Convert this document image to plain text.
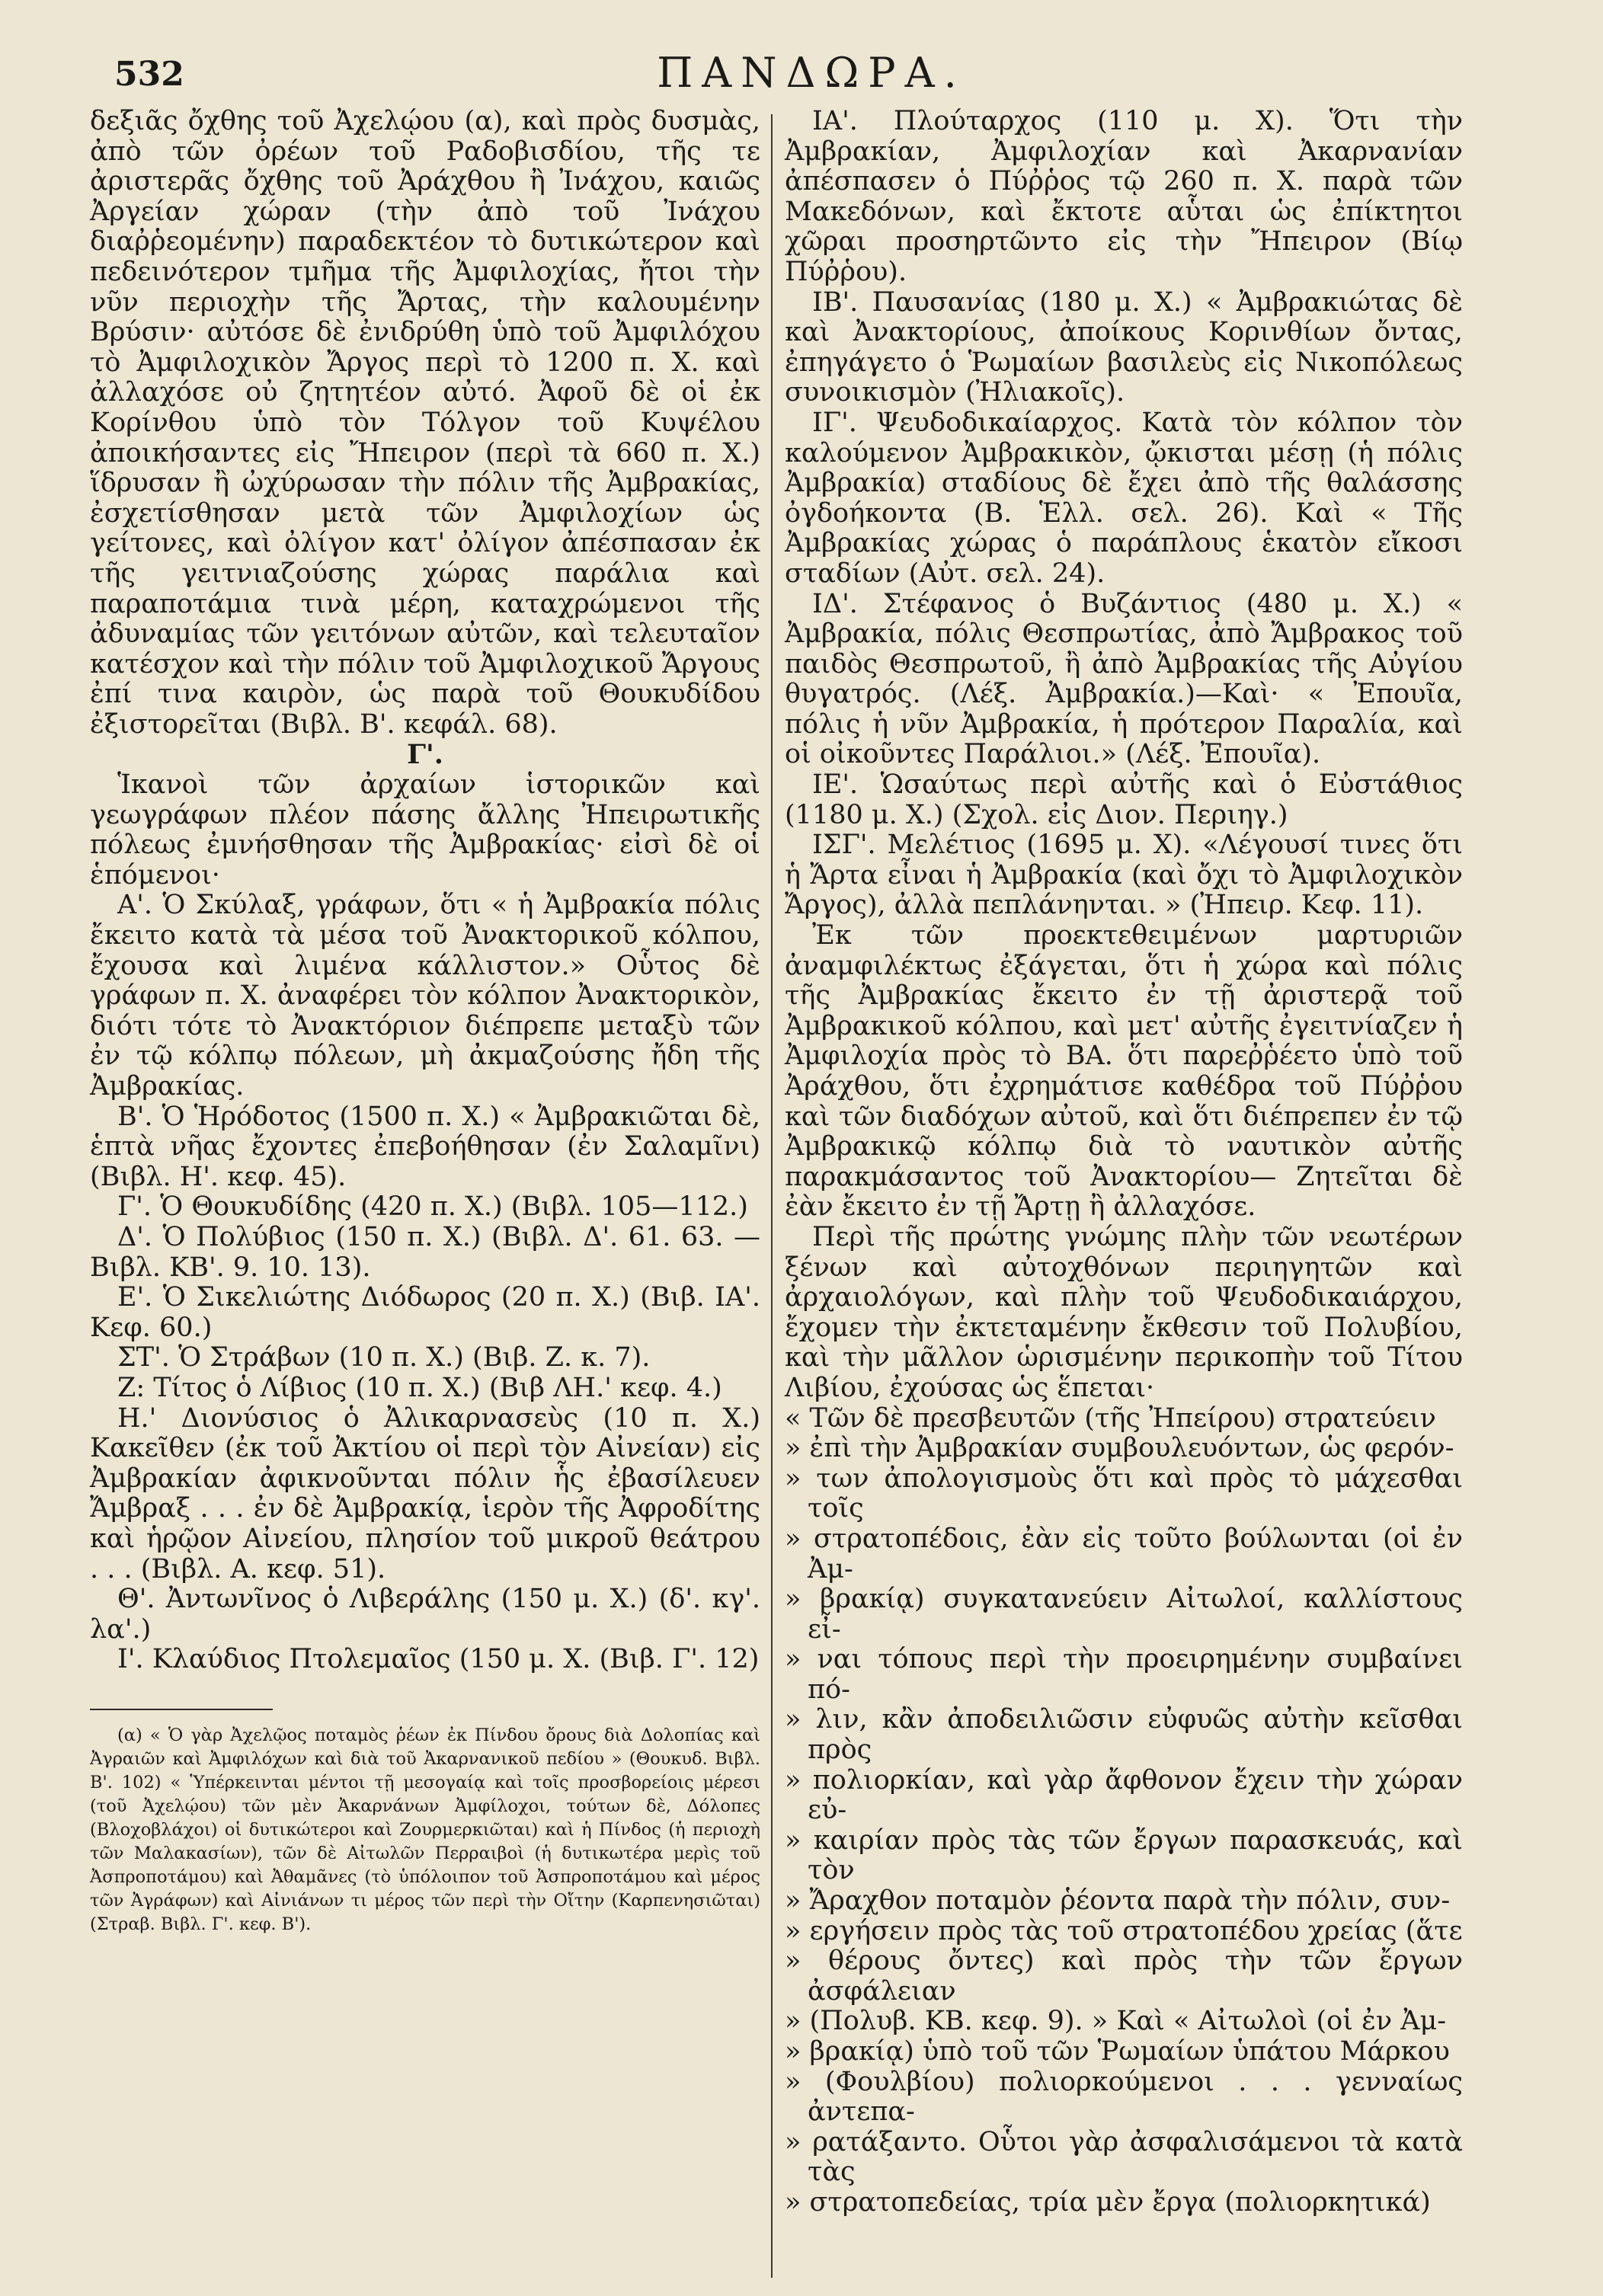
532	ΠΑΝΔΩΡΑ.

δεξιᾶς ὄχθης τοῦ Ἀχελῴου (α), καὶ πρὸς δυσμὰς, ἀπὸ τῶν ὀρέων τοῦ Ραδοβισδίου, τῆς τε ἀριστερᾶς ὄχθης τοῦ Ἀράχθου ἢ Ἰνάχου, καιῶς Ἀργείαν χώραν (τὴν ἀπὸ τοῦ Ἰνάχου διαῤῥεομένην) παραδεκτέον τὸ δυτικώτερον καὶ πεδεινότερον τμῆμα τῆς Ἀμφιλοχίας, ἤτοι τὴν νῦν περιοχὴν τῆς Ἄρτας, τὴν καλουμένην Βρύσιν· αὐτόσε δὲ ἐνιδρύθη ὑπὸ τοῦ Ἀμφιλόχου τὸ Ἀμφιλοχικὸν Ἄργος περὶ τὸ 1200 π. Χ. καὶ ἀλλαχόσε οὐ ζητητέον αὐτό. Ἀφοῦ δὲ οἱ ἐκ Κορίνθου ὑπὸ τὸν Τόλγον τοῦ Κυψέλου ἀποικήσαντες εἰς Ἤπειρον (περὶ τὰ 660 π. Χ.) ἵδρυσαν ἢ ὠχύρωσαν τὴν πόλιν τῆς Ἀμβρακίας, ἐσχετίσθησαν μετὰ τῶν Ἀμφιλοχίων ὡς γείτονες, καὶ ὀλίγον κατ' ὀλίγον ἀπέσπασαν ἐκ τῆς γειτνιαζούσης χώρας παράλια καὶ παραποτάμια τινὰ μέρη, καταχρώμενοι τῆς ἀδυναμίας τῶν γειτόνων αὐτῶν, καὶ τελευταῖον κατέσχον καὶ τὴν πόλιν τοῦ Ἀμφιλοχικοῦ Ἄργους ἐπί τινα καιρὸν, ὡς παρὰ τοῦ Θουκυδίδου ἐξιστορεῖται (Βιβλ. Β'. κεφάλ. 68).

Γ'.

Ἱκανοὶ τῶν ἀρχαίων ἱστορικῶν καὶ γεωγράφων πλέον πάσης ἄλλης Ἠπειρωτικῆς πόλεως ἐμνήσθησαν τῆς Ἀμβρακίας· εἰσὶ δὲ οἱ ἑπόμενοι·

Α'. Ὁ Σκύλαξ, γράφων, ὅτι « ἡ Ἀμβρακία πόλις ἔκειτο κατὰ τὰ μέσα τοῦ Ἀνακτορικοῦ κόλπου, ἔχουσα καὶ λιμένα κάλλιστον.» Οὗτος δὲ γράφων π. Χ. ἀναφέρει τὸν κόλπον Ἀνακτορικὸν, διότι τότε τὸ Ἀνακτόριον διέπρεπε μεταξὺ τῶν ἐν τῷ κόλπῳ πόλεων, μὴ ἀκμαζούσης ἤδη τῆς Ἀμβρακίας.

Β'. Ὁ Ἡρόδοτος (1500 π. Χ.) « Ἀμβρακιῶται δὲ, ἑπτὰ νῆας ἔχοντες ἐπεβοήθησαν (ἐν Σαλαμῖνι) (Βιβλ. Η'. κεφ. 45).

Γ'. Ὁ Θουκυδίδης (420 π. Χ.) (Βιβλ. 105—112.)

Δ'. Ὁ Πολύβιος (150 π. Χ.) (Βιβλ. Δ'. 61. 63. — Βιβλ. ΚΒ'. 9. 10. 13).

Ε'. Ὁ Σικελιώτης Διόδωρος (20 π. Χ.) (Βιβ. ΙΑ'. Κεφ. 60.)

ΣΤ'. Ὁ Στράβων (10 π. Χ.) (Βιβ. Ζ. κ. 7).

Ζ: Τίτος ὁ Λίβιος (10 π. Χ.) (Βιβ ΛΗ.' κεφ. 4.)

Η.' Διονύσιος ὁ Ἀλικαρνασεὺς (10 π. Χ.) Κακεῖθεν (ἐκ τοῦ Ἀκτίου οἱ περὶ τὸν Αἰνείαν) εἰς Ἀμβρακίαν ἀφικνοῦνται πόλιν ἧς ἐβασίλευεν Ἄμβραξ . . . ἐν δὲ Ἀμβρακίᾳ, ἱερὸν τῆς Ἀφροδίτης καὶ ἡρῷον Αἰνείου, πλησίον τοῦ μικροῦ θεάτρου . . . (Βιβλ. Α. κεφ. 51).

Θ'. Ἀντωνῖνος ὁ Λιβεράλης (150 μ. Χ.) (δ'. κγ'. λα'.)

Ι'. Κλαύδιος Πτολεμαῖος (150 μ. Χ. (Βιβ. Γ'. 12)

(α) « Ὁ γὰρ Ἀχελῷος ποταμὸς ῥέων ἐκ Πίνδου ὄρους διὰ Δολοπίας καὶ Ἀγραιῶν καὶ Ἀμφιλόχων καὶ διὰ τοῦ Ἀκαρνανικοῦ πεδίου » (Θουκυδ. Βιβλ. Β'. 102) « Ὑπέρκεινται μέντοι τῇ μεσογαίᾳ καὶ τοῖς προσβορείοις μέρεσι (τοῦ Ἀχελῴου) τῶν μὲν Ἀκαρνάνων Ἀμφίλοχοι, τούτων δὲ, Δόλοπες (Βλοχοβλάχοι) οἱ δυτικώτεροι καὶ Ζουρμερκιῶται) καὶ ἡ Πίνδος (ἡ περιοχὴ τῶν Μαλακασίων), τῶν δὲ Αἰτωλῶν Περραιβοὶ (ἡ δυτικωτέρα μερὶς τοῦ Ἀσπροποτάμου) καὶ Ἀθαμᾶνες (τὸ ὑπόλοιπον τοῦ Ἀσπροποτάμου καὶ μέρος τῶν Ἀγράφων) καὶ Αἰνιάνων τι μέρος τῶν περὶ τὴν Οἴτην (Καρπενησιῶται) (Στραβ. Βιβλ. Γ'. κεφ. Β').

ΙΑ'. Πλούταρχος (110 μ. Χ). Ὅτι τὴν Ἀμβρακίαν, Ἀμφιλοχίαν καὶ Ἀκαρνανίαν ἀπέσπασεν ὁ Πύῤῥος τῷ 260 π. Χ. παρὰ τῶν Μακεδόνων, καὶ ἔκτοτε αὗται ὡς ἐπίκτητοι χῶραι προσηρτῶντο εἰς τὴν Ἤπειρον (Βίῳ Πύῤῥου).

ΙΒ'. Παυσανίας (180 μ. Χ.) « Ἀμβρακιώτας δὲ καὶ Ἀνακτορίους, ἀποίκους Κορινθίων ὄντας, ἐπηγάγετο ὁ Ῥωμαίων βασιλεὺς εἰς Νικοπόλεως συνοικισμὸν (Ἠλιακοῖς).

ΙΓ'. Ψευδοδικαίαρχος. Κατὰ τὸν κόλπον τὸν καλούμενον Ἀμβρακικὸν, ᾤκισται μέσῃ (ἡ πόλις Ἀμβρακία) σταδίους δὲ ἔχει ἀπὸ τῆς θαλάσσης ὀγδοήκοντα (Β. Ἑλλ. σελ. 26). Καὶ « Τῆς Ἀμβρακίας χώρας ὁ παράπλους ἑκατὸν εἴκοσι σταδίων (Αὐτ. σελ. 24).

ΙΔ'. Στέφανος ὁ Βυζάντιος (480 μ. Χ.) « Ἀμβρακία, πόλις Θεσπρωτίας, ἀπὸ Ἄμβρακος τοῦ παιδὸς Θεσπρωτοῦ, ἢ ἀπὸ Ἀμβρακίας τῆς Αὐγίου θυγατρός. (Λέξ. Ἀμβρακία.)—Καὶ· « Ἐπουῖα, πόλις ἡ νῦν Ἀμβρακία, ἡ πρότερον Παραλία, καὶ οἱ οἰκοῦντες Παράλιοι.» (Λέξ. Ἐπουῖα).

ΙΕ'. Ὡσαύτως περὶ αὐτῆς καὶ ὁ Εὐστάθιος (1180 μ. Χ.) (Σχολ. εἰς Διον. Περιηγ.)

ΙΣΓ'. Μελέτιος (1695 μ. Χ). «Λέγουσί τινες ὅτι ἡ Ἄρτα εἶναι ἡ Ἀμβρακία (καὶ ὄχι τὸ Ἀμφιλοχικὸν Ἄργος), ἀλλὰ πεπλάνηνται. » (Ἠπειρ. Κεφ. 11).

Ἐκ τῶν προεκτεθειμένων μαρτυριῶν ἀναμφιλέκτως ἐξάγεται, ὅτι ἡ χώρα καὶ πόλις τῆς Ἀμβρακίας ἔκειτο ἐν τῇ ἀριστερᾷ τοῦ Ἀμβρακικοῦ κόλπου, καὶ μετ' αὐτῆς ἐγειτνίαζεν ἡ Ἀμφιλοχία πρὸς τὸ ΒΑ. ὅτι παρεῤῥέετο ὑπὸ τοῦ Ἀράχθου, ὅτι ἐχρημάτισε καθέδρα τοῦ Πύῤῥου καὶ τῶν διαδόχων αὐτοῦ, καὶ ὅτι διέπρεπεν ἐν τῷ Ἀμβρακικῷ κόλπῳ διὰ τὸ ναυτικὸν αὐτῆς παρακμάσαντος τοῦ Ἀνακτορίου— Ζητεῖται δὲ ἐὰν ἔκειτο ἐν τῇ Ἄρτῃ ἢ ἀλλαχόσε.

Περὶ τῆς πρώτης γνώμης πλὴν τῶν νεωτέρων ξένων καὶ αὐτοχθόνων περιηγητῶν καὶ ἀρχαιολόγων, καὶ πλὴν τοῦ Ψευδοδικαιάρχου, ἔχομεν τὴν ἐκτεταμένην ἔκθεσιν τοῦ Πολυβίου, καὶ τὴν μᾶλλον ὡρισμένην περικοπὴν τοῦ Τίτου Λιβίου, ἐχούσας ὡς ἕπεται·

« Τῶν δὲ πρεσβευτῶν (τῆς Ἠπείρου) στρατεύειν

» ἐπὶ τὴν Ἀμβρακίαν συμβουλευόντων, ὡς φερόν-

» των ἀπολογισμοὺς ὅτι καὶ πρὸς τὸ μάχεσθαι τοῖς

» στρατοπέδοις, ἐὰν εἰς τοῦτο βούλωνται (οἱ ἐν Ἀμ-

» βρακίᾳ) συγκατανεύειν Αἰτωλοί, καλλίστους εἶ-

» ναι τόπους περὶ τὴν προειρημένην συμβαίνει πό-

» λιν, κἂν ἀποδειλιῶσιν εὐφυῶς αὐτὴν κεῖσθαι πρὸς

» πολιορκίαν, καὶ γὰρ ἄφθονον ἔχειν τὴν χώραν εὐ-

» καιρίαν πρὸς τὰς τῶν ἔργων παρασκευάς, καὶ τὸν

» Ἄραχθον ποταμὸν ῥέοντα παρὰ τὴν πόλιν, συν-

» εργήσειν πρὸς τὰς τοῦ στρατοπέδου χρείας (ἅτε

» θέρους ὄντες) καὶ πρὸς τὴν τῶν ἔργων ἀσφάλειαν

» (Πολυβ. ΚΒ. κεφ. 9). » Καὶ « Αἰτωλοὶ (οἱ ἐν Ἀμ-

» βρακίᾳ) ὑπὸ τοῦ τῶν Ῥωμαίων ὑπάτου Μάρκου

» (Φουλβίου) πολιορκούμενοι . . . γενναίως ἀντεπα-

» ρατάξαντο. Οὗτοι γὰρ ἀσφαλισάμενοι τὰ κατὰ τὰς

» στρατοπεδείας, τρία μὲν ἔργα (πολιορκητικά)
